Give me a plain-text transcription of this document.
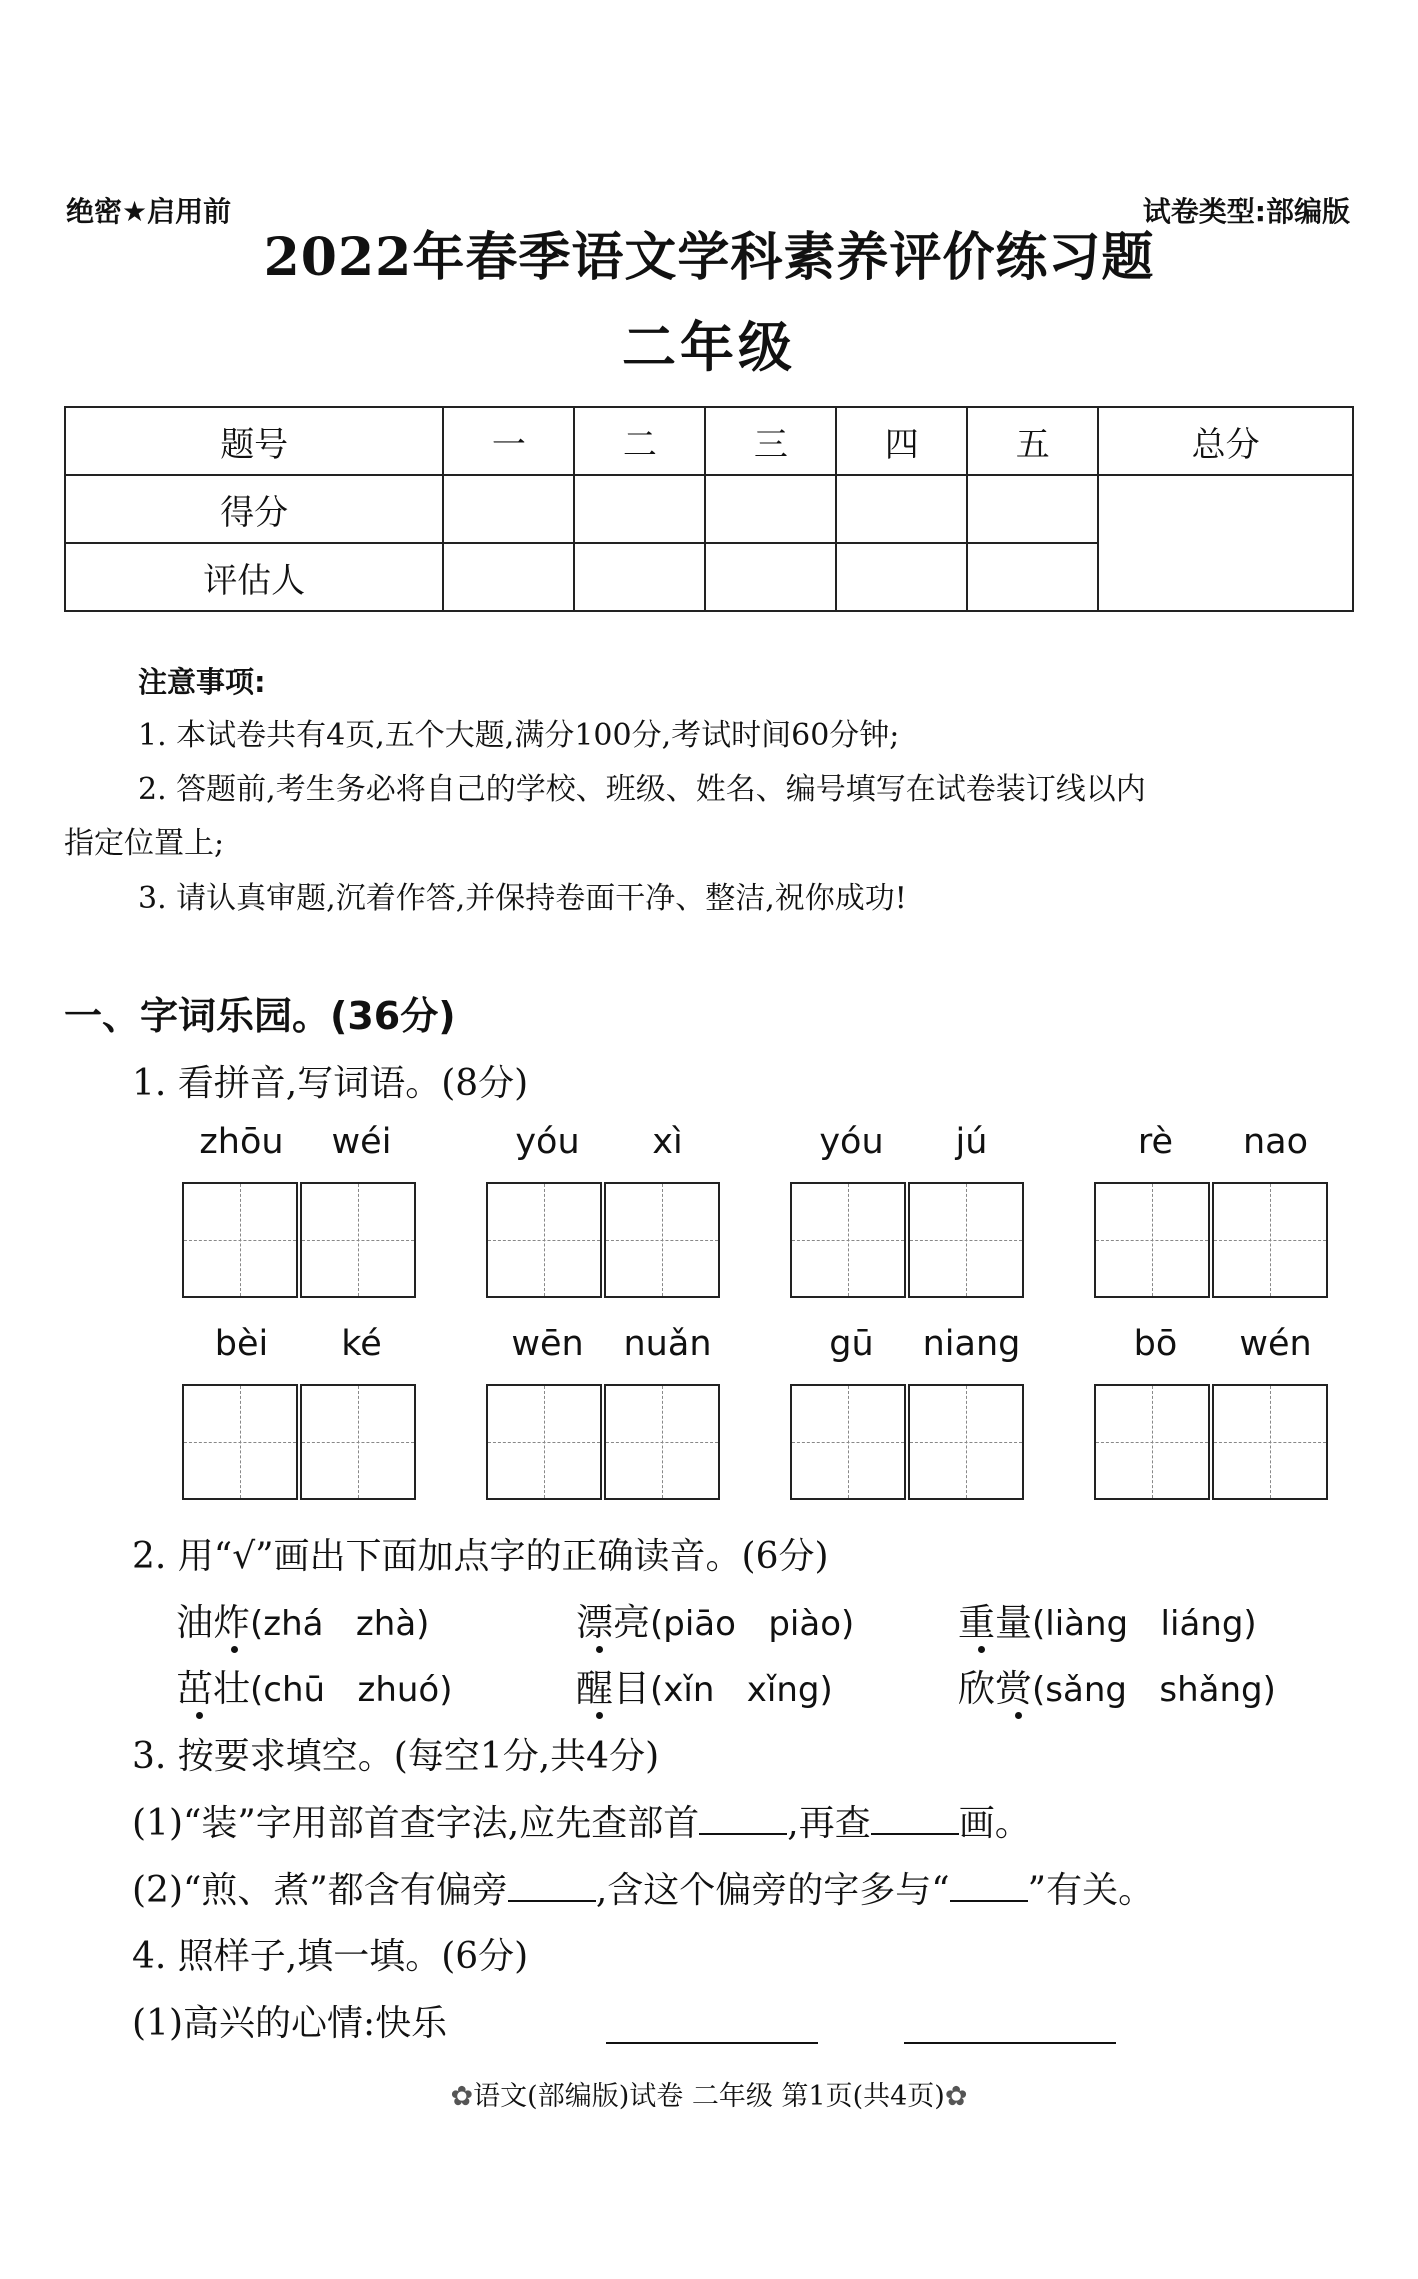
绝密★启用前	试卷类型:部编版
2022年春季语文学科素养评价练习题
二年级
题号	一	二	三	四	五	总分
得分						
评估人						
注意事项:
1. 本试卷共有4页,五个大题,满分100分,考试时间60分钟;
2. 答题前,考生务必将自己的学校、班级、姓名、编号填写在试卷装订线以内
指定位置上;
3. 请认真审题,沉着作答,并保持卷面干净、整洁,祝你成功!
一、字词乐园。(36分)
1. 看拼音,写词语。(8分)
zhōu	wéi	yóu	xì	yóu	jú	rè	nao
bèi	ké	wēn	nuǎn	gū	niang	bō	wén
2. 用“√”画出下面加点字的正确读音。(6分)
油炸(zhá   zhà)	漂亮(piāo   piào)	重量(liàng   liáng)
茁壮(chū   zhuó)	醒目(xǐn   xǐng)	欣赏(sǎng   shǎng)
3. 按要求填空。(每空1分,共4分)
(1)“装”字用部首查字法,应先查部首 ,再查 画。
(2)“煎、煮”都含有偏旁 ,含这个偏旁的字多与“ ”有关。
4. 照样子,填一填。(6分)
(1)高兴的心情:快乐
✿语文(部编版)试卷 二年级 第1页(共4页)✿
